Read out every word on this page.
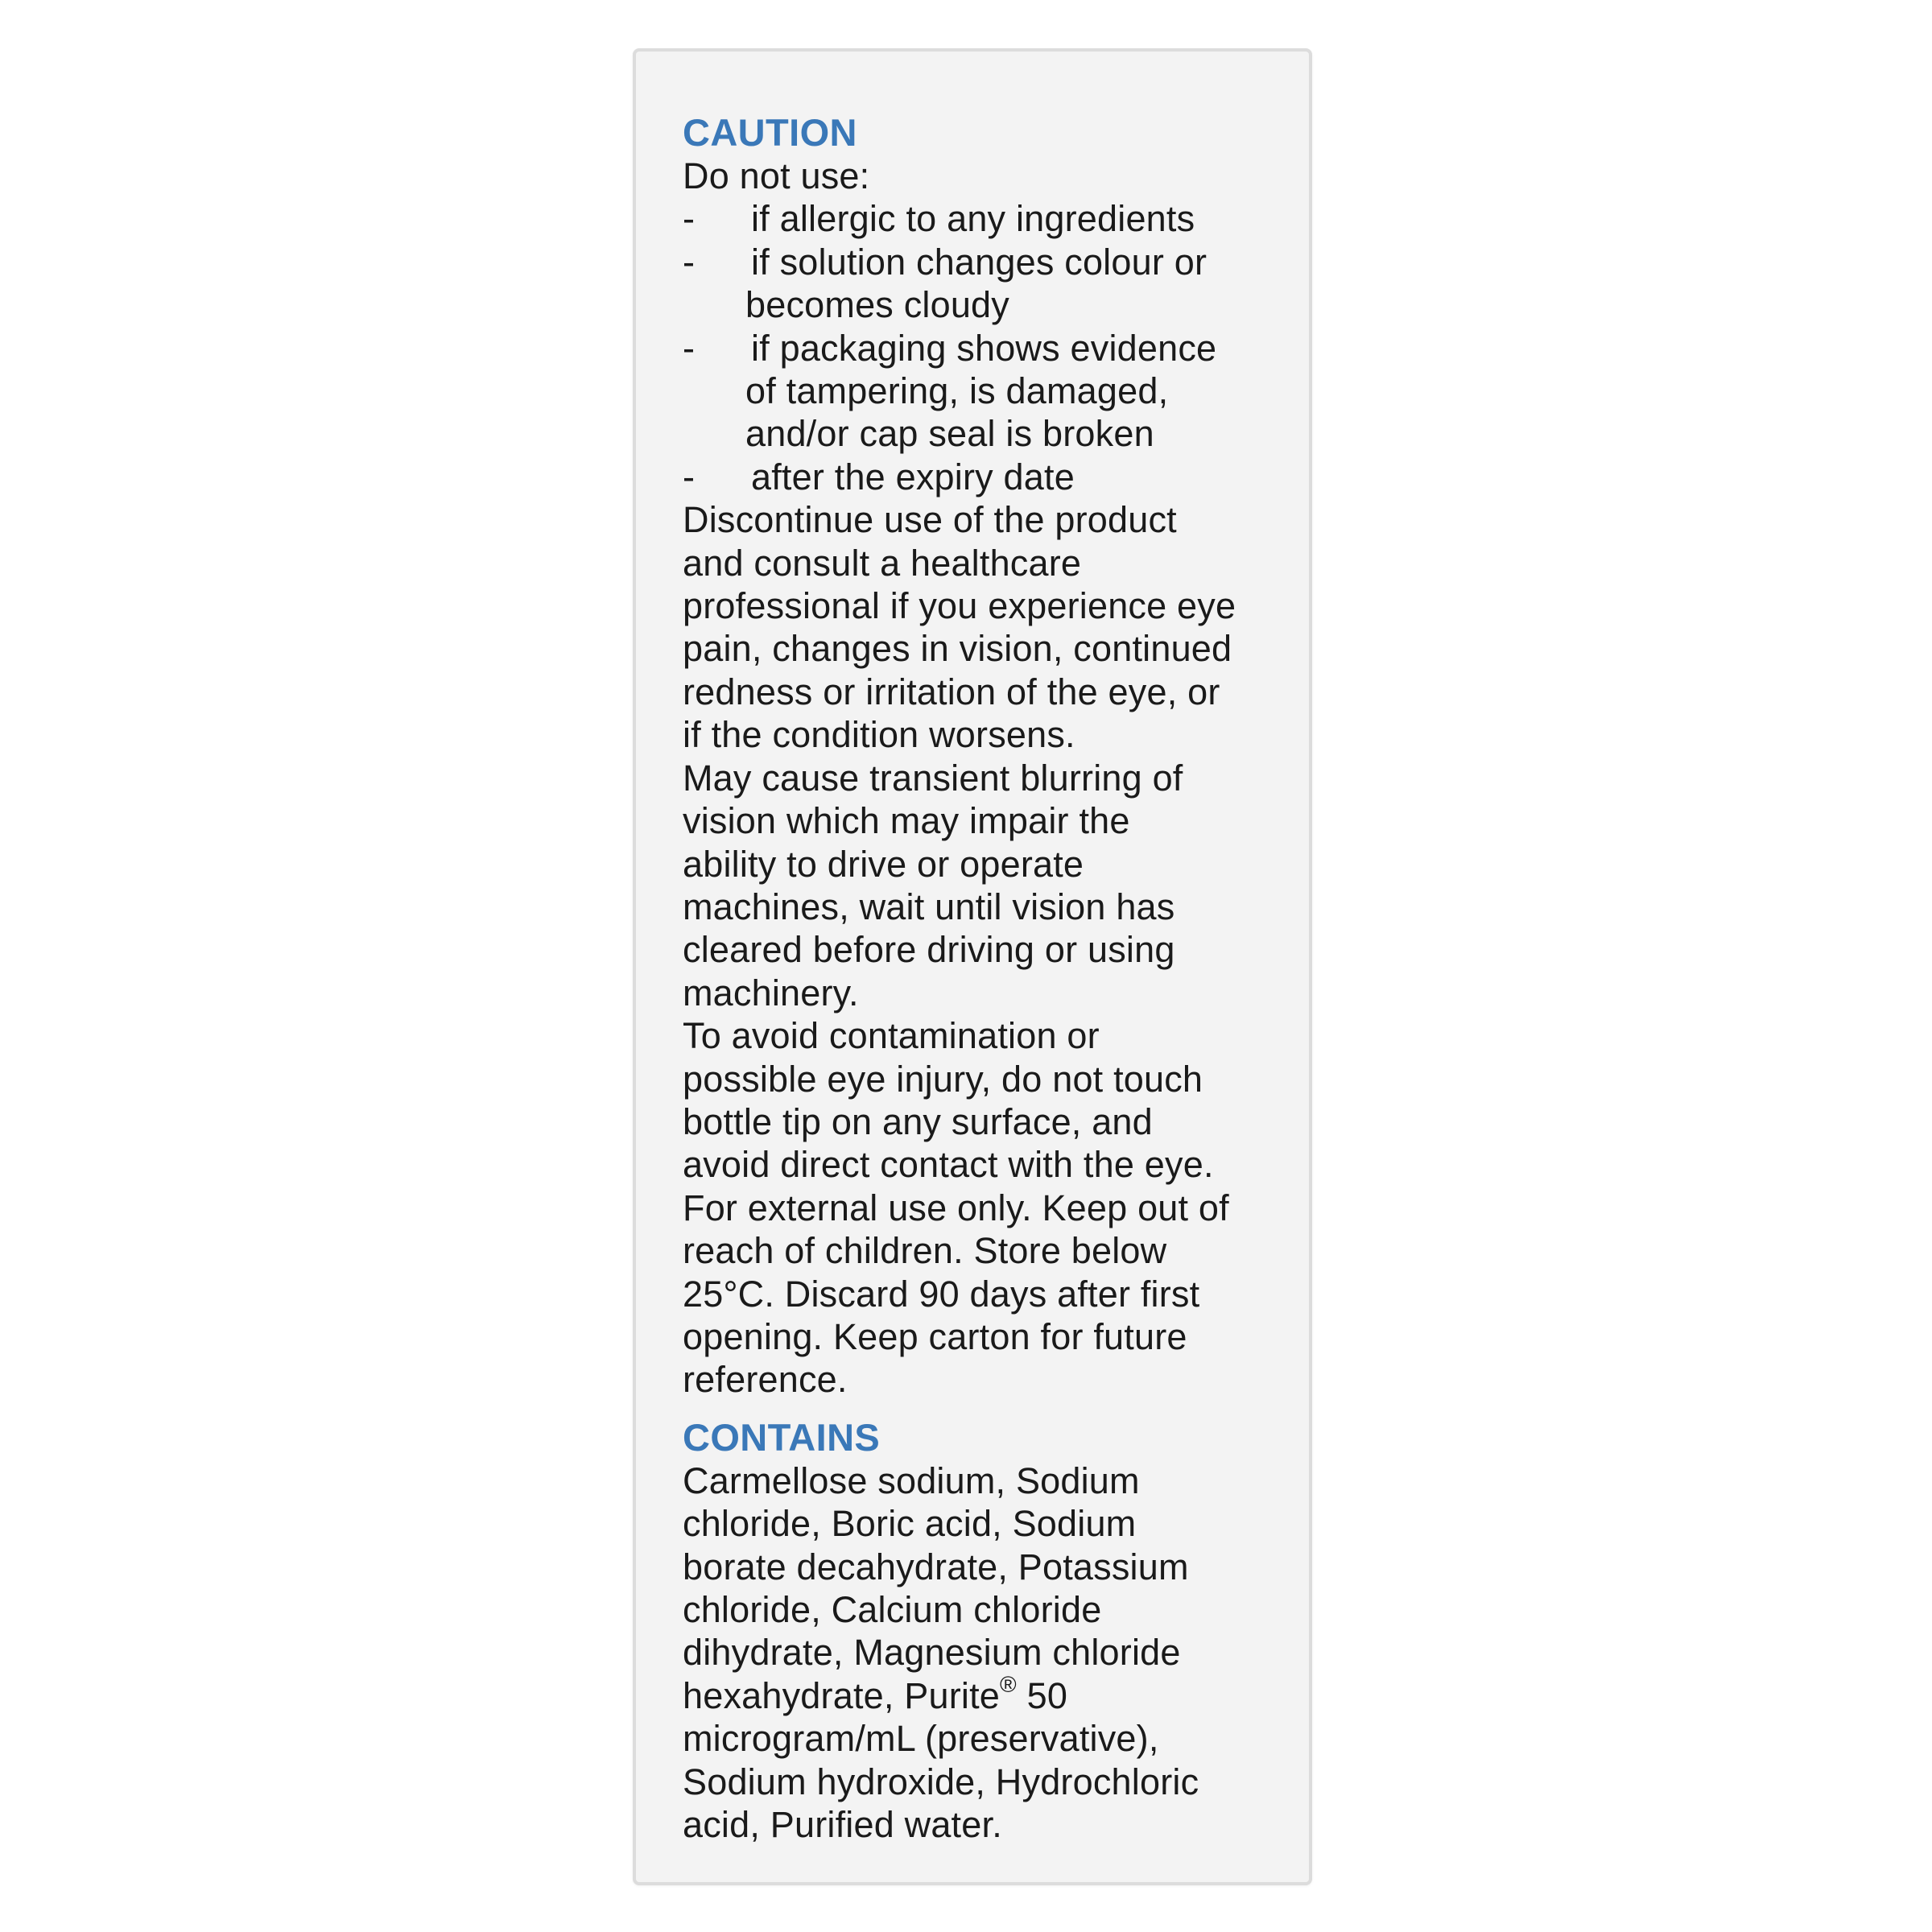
CAUTION
Do not use:
-	if allergic to any ingredients
-	if solution changes colour or
becomes cloudy
-	if packaging shows evidence
of tampering, is damaged,
and/or cap seal is broken
-	after the expiry date
Discontinue use of the product
and consult a healthcare
professional if you experience eye
pain, changes in vision, continued
redness or irritation of the eye, or
if the condition worsens.
May cause transient blurring of
vision which may impair the
ability to drive or operate
machines, wait until vision has
cleared before driving or using
machinery.
To avoid contamination or
possible eye injury, do not touch
bottle tip on any surface, and
avoid direct contact with the eye.
For external use only. Keep out of
reach of children. Store below
25°C. Discard 90 days after first
opening. Keep carton for future
reference.
CONTAINS
Carmellose sodium, Sodium
chloride, Boric acid, Sodium
borate decahydrate, Potassium
chloride, Calcium chloride
dihydrate, Magnesium chloride
hexahydrate, Purite® 50
microgram/mL (preservative),
Sodium hydroxide, Hydrochloric
acid, Purified water.
